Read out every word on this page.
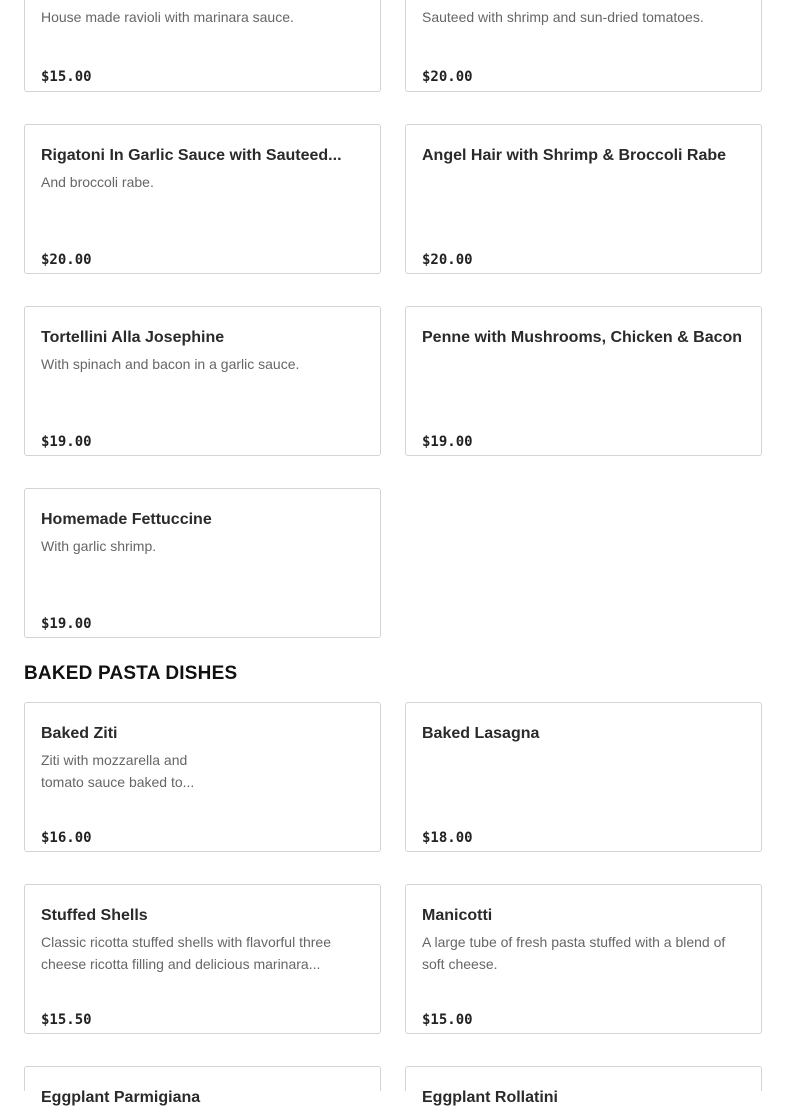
House made ravioli with marinara sauce.
$15.00
Sauteed with shrimp and sun-dried tomatoes.
$20.00
Rigatoni In Garlic Sauce with Sauteed...
And broccoli rabe.
$20.00
Angel Hair with Shrimp & Broccoli Rabe
$20.00
Tortellini Alla Josephine
With spinach and bacon in a garlic sauce.
$19.00
Penne with Mushrooms, Chicken & Bacon
$19.00
Homemade Fettuccine
With garlic shrimp.
$19.00
BAKED PASTA DISHES
Baked Ziti
Ziti with mozzarella and tomato sauce baked to...
$16.00
Baked Lasagna
$18.00
Stuffed Shells
Classic ricotta stuffed shells with flavorful three cheese ricotta filling and delicious marinara...
$15.50
Manicotti
A large tube of fresh pasta stuffed with a blend of soft cheese.
$15.00
Eggplant Parmigiana	Eggplant Rollatini
